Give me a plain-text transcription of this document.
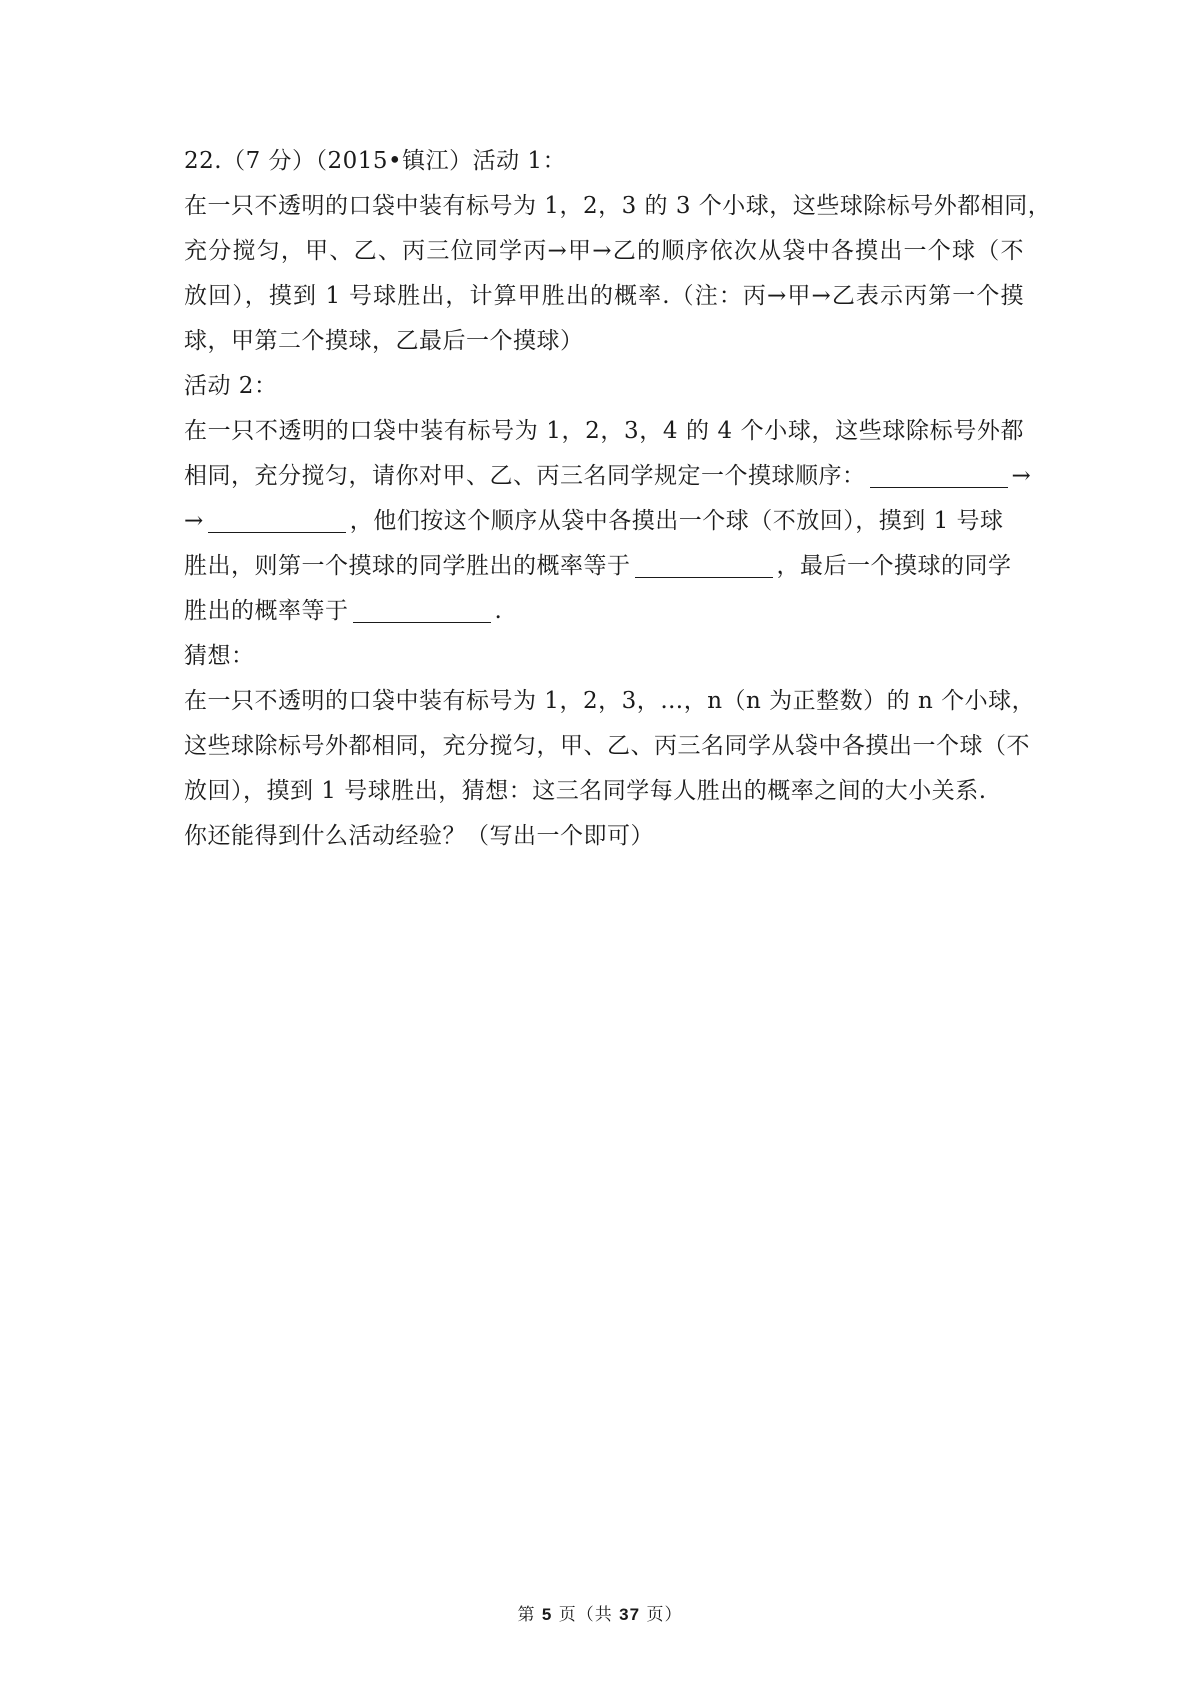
22.（7 分）（2015•镇江）活动 1：
在一只不透明的口袋中装有标号为 1，2，3 的 3 个小球，这些球除标号外都相同，
充分搅匀，甲、乙、丙三位同学丙→甲→乙的顺序依次从袋中各摸出一个球（不
放回），摸到 1 号球胜出，计算甲胜出的概率.（注：丙→甲→乙表示丙第一个摸
球，甲第二个摸球，乙最后一个摸球）
活动 2：
在一只不透明的口袋中装有标号为 1，2，3，4 的 4 个小球，这些球除标号外都
相同，充分搅匀，请你对甲、乙、丙三名同学规定一个摸球顺序：	→
→	，他们按这个顺序从袋中各摸出一个球（不放回），摸到 1 号球
胜出，则第一个摸球的同学胜出的概率等于	，最后一个摸球的同学
胜出的概率等于	.
猜想：
在一只不透明的口袋中装有标号为 1，2，3，…，n（n 为正整数）的 n 个小球，
这些球除标号外都相同，充分搅匀，甲、乙、丙三名同学从袋中各摸出一个球（不
放回），摸到 1 号球胜出，猜想：这三名同学每人胜出的概率之间的大小关系.
你还能得到什么活动经验？（写出一个即可）
第 5 页（共 37 页）
